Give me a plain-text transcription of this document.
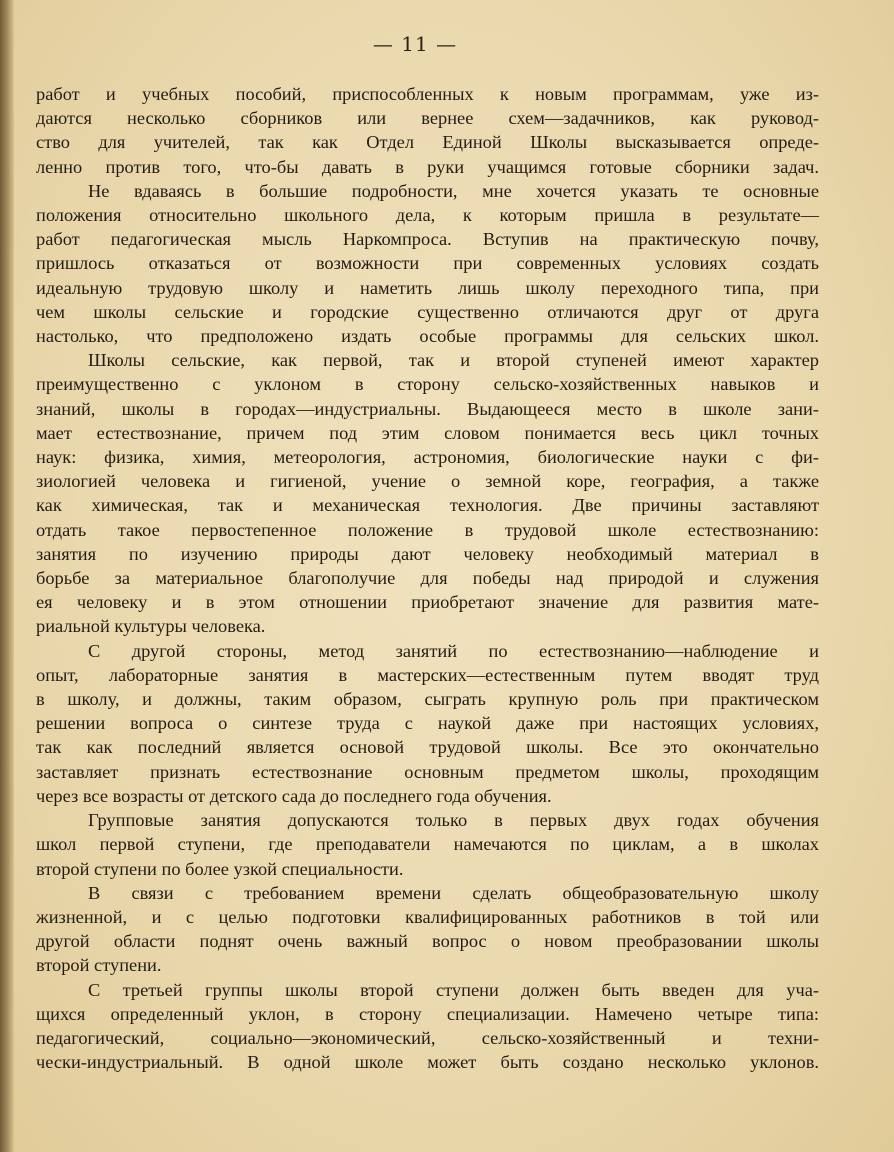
— 11 —
работ и учебных пособий, приспособленных к новым программам, уже из-
даются несколько сборников или вернее схем—задачников, как руковод-
ство для учителей, так как Отдел Единой Школы высказывается опреде-
ленно против того, что-бы давать в руки учащимся готовые сборники задач.
Не вдаваясь в большие подробности, мне хочется указать те основные
положения относительно школьного дела, к которым пришла в результате—
работ педагогическая мысль Наркомпроса. Вступив на практическую почву,
пришлось отказаться от возможности при современных условиях создать
идеальную трудовую школу и наметить лишь школу переходного типа, при
чем школы сельские и городские существенно отличаются друг от друга
настолько, что предположено издать особые программы для сельских школ.
Школы сельские, как первой, так и второй ступеней имеют характер
преимущественно с уклоном в сторону сельско-хозяйственных навыков и
знаний, школы в городах—индустриальны. Выдающееся место в школе зани-
мает естествознание, причем под этим словом понимается весь цикл точных
наук: физика, химия, метеорология, астрономия, биологические науки с фи-
зиологией человека и гигиеной, учение о земной коре, география, а также
как химическая, так и механическая технология. Две причины заставляют
отдать такое первостепенное положение в трудовой школе естествознанию:
занятия по изучению природы дают человеку необходимый материал в
борьбе за материальное благополучие для победы над природой и служения
ея человеку и в этом отношении приобретают значение для развития мате-
риальной культуры человека.
С другой стороны, метод занятий по естествознанию—наблюдение и
опыт, лабораторные занятия в мастерских—естественным путем вводят труд
в школу, и должны, таким образом, сыграть крупную роль при практическом
решении вопроса о синтезе труда с наукой даже при настоящих условиях,
так как последний является основой трудовой школы. Все это окончательно
заставляет признать естествознание основным предметом школы, проходящим
через все возрасты от детского сада до последнего года обучения.
Групповые занятия допускаются только в первых двух годах обучения
школ первой ступени, где преподаватели намечаются по циклам, а в школах
второй ступени по более узкой специальности.
В связи с требованием времени сделать общеобразовательную школу
жизненной, и с целью подготовки квалифицированных работников в той или
другой области поднят очень важный вопрос о новом преобразовании школы
второй ступени.
С третьей группы школы второй ступени должен быть введен для уча-
щихся определенный уклон, в сторону специализации. Намечено четыре типа:
педагогический, социально—экономический, сельско-хозяйственный и техни-
чески-индустриальный. В одной школе может быть создано несколько уклонов.
